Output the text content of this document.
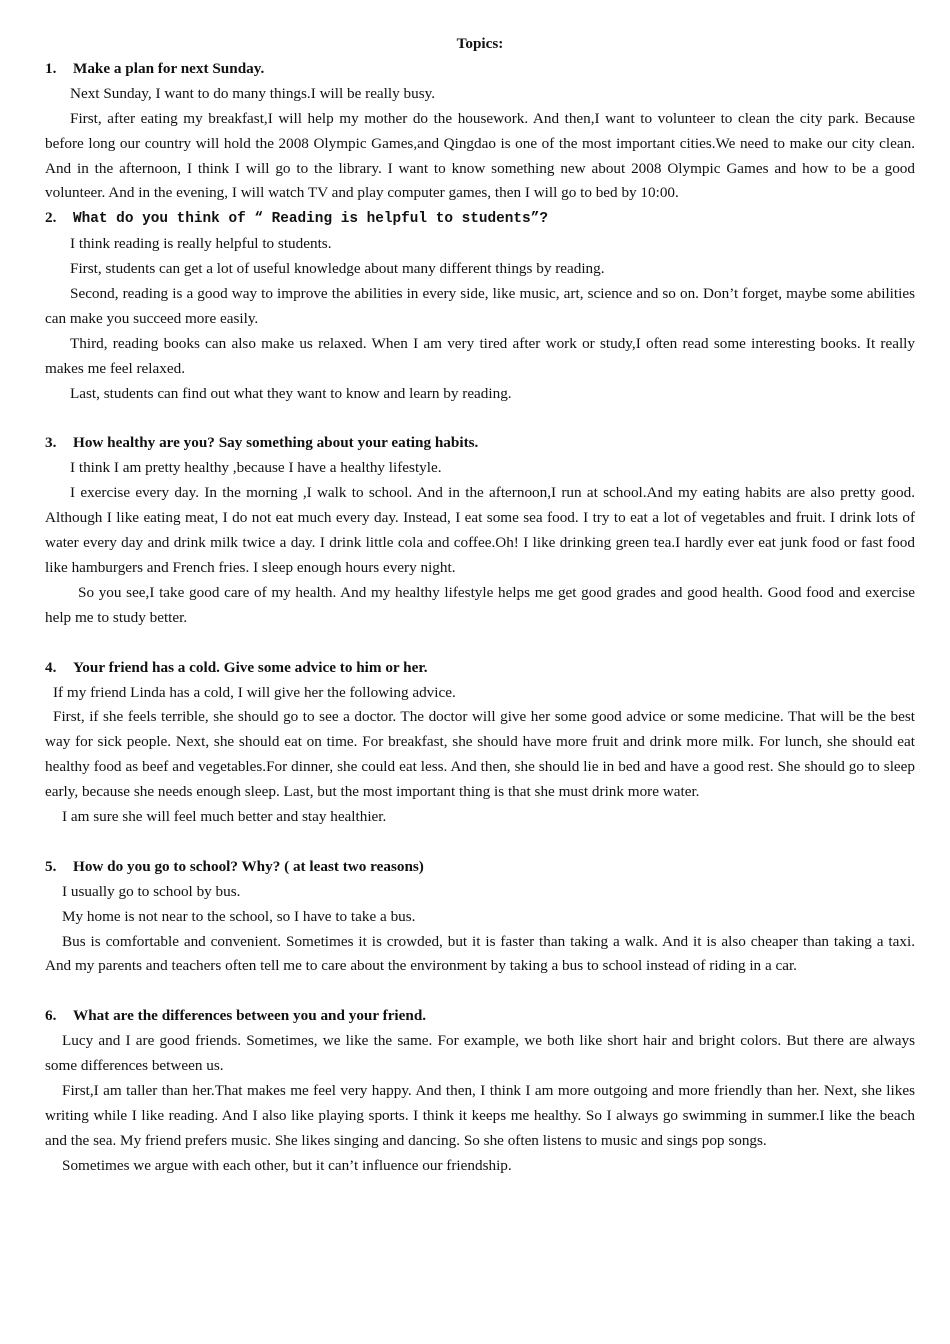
Topics:

1. Make a plan for next Sunday.

Next Sunday, I want to do many things.I will be really busy.

First, after eating my breakfast,I will help my mother do the housework. And then,I want to volunteer to clean the city park. Because before long our country will hold the 2008 Olympic Games,and Qingdao is one of the most important cities.We need to make our city clean. And in the afternoon, I think I will go to the library. I want to know something new about 2008 Olympic Games and how to be a good volunteer. And in the evening, I will watch TV and play computer games, then I will go to bed by 10:00.

2. What do you think of “ Reading is helpful to students”?

I think reading is really helpful to students.

First, students can get a lot of useful knowledge about many different things by reading.

Second, reading is a good way to improve the abilities in every side, like music, art, science and so on. Don’t forget, maybe some abilities can make you succeed more easily.

Third, reading books can also make us relaxed. When I am very tired after work or study,I often read some interesting books. It really makes me feel relaxed.

Last, students can find out what they want to know and learn by reading.

3. How healthy are you? Say something about your eating habits.

I think I am pretty healthy ,because I have a healthy lifestyle.

I exercise every day. In the morning ,I walk to school. And in the afternoon,I run at school.And my eating habits are also pretty good. Although I like eating meat, I do not eat much every day. Instead, I eat some sea food. I try to eat a lot of vegetables and fruit. I drink lots of water every day and drink milk twice a day. I drink little cola and coffee.Oh! I like drinking green tea.I hardly ever eat junk food or fast food like hamburgers and French fries. I sleep enough hours every night.

So you see,I take good care of my health. And my healthy lifestyle helps me get good grades and good health. Good food and exercise help me to study better.

4. Your friend has a cold. Give some advice to him or her.

If my friend Linda has a cold, I will give her the following advice.

First, if she feels terrible, she should go to see a doctor. The doctor will give her some good advice or some medicine. That will be the best way for sick people. Next, she should eat on time. For breakfast, she should have more fruit and drink more milk. For lunch, she should eat healthy food as beef and vegetables.For dinner, she could eat less. And then, she should lie in bed and have a good rest. She should go to sleep early, because she needs enough sleep. Last, but the most important thing is that she must drink more water.

I am sure she will feel much better and stay healthier.

5. How do you go to school? Why? ( at least two reasons)

I usually go to school by bus.

My home is not near to the school, so I have to take a bus.

Bus is comfortable and convenient. Sometimes it is crowded, but it is faster than taking a walk. And it is also cheaper than taking a taxi. And my parents and teachers often tell me to care about the environment by taking a bus to school instead of riding in a car.

6. What are the differences between you and your friend.

Lucy and I are good friends. Sometimes, we like the same. For example, we both like short hair and bright colors. But there are always some differences between us.

First,I am taller than her.That makes me feel very happy. And then, I think I am more outgoing and more friendly than her. Next, she likes writing while I like reading. And I also like playing sports. I think it keeps me healthy. So I always go swimming in summer.I like the beach and the sea. My friend prefers music. She likes singing and dancing. So she often listens to music and sings pop songs.

Sometimes we argue with each other, but it can’t influence our friendship.
